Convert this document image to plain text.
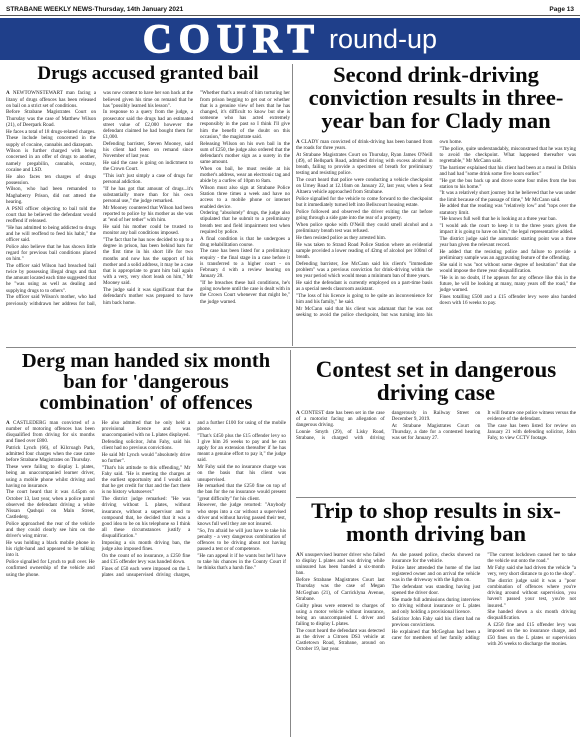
STRABANE WEEKLY NEWS-Thursday, 14th January 2021	Page 13
COURT round-up
Drugs accused granted bail

A NEWTOWNSTEWART man facing a litany of drugs offences has been released on bail on a strict set of conditions.

Before Strabane Magistrates Court on Thursday was the case of Matthew Wilson (21), of Deerpark Road.

He faces a total of 18 drugs-related charges.

These include being concerned in the supply of cocaine, cannabis and diazepam.

Wilson is further charged with being concerned in an offer of drugs to another, namely pregabilin, cannabis, ecstasy, cocaine and LSD.

He also faces ten charges of drugs possession.

Wilson, who had been remanded to Maghaberry Prison, did not attend the hearing.

A PSNI officer objecting to bail told the court that he believed the defendant would reoffend if released.

"He has admitted to being addicted to drugs and he will reoffend to feed his habit," the officer said.

Police also believe that he has shown little regard for previous bail conditions placed on him."

The officer said Wilson had breached bail twice by possessing illegal drugs and that the amount located each time suggested that he "was using as well as dealing and supplying drugs to to others".

The officer said Wilson's mother, who had previously withdrawn her address for bail, was now content to have her son back at the believed given his time on remand that he has "possibly learned his lesson".

In response to a query from the judge, a prosecutor said the drugs had an estimated street value of £2,000 however the defendant claimed he had bought them for £1,000.

Defending barrister, Steven Mooney, said his client had been on remand since November of last year.

He said the case is going on indictment to the Crown Court.

"This isn't just simply a case of drugs for personal addiction.

"If he has got that amount of drugs...it's substantially more than for his own personal use," the judge remarked.

Mr Mooney countered that Wilson had been reported to police by his mother as she was at "end of her tether" with him.

He said his mother could be trusted to monitor any bail conditions imposed.

"The fact that he has now decided to up to a degree in prison, has been behind bars for the first time in his short life for two months and now has the support of his mother and a solid address, it may be a case that is appropriate to grant him bail again with a very, very short leash on him," Mr Mooney said.

The judge said it was significant that the defendant's mother was prepared to have him back home.

"Whether that's a result of him torturing her from prison begging to get out or whether that is a genuine view of hers that he has changed, it's difficult to know but she is someone who has acted extremely responsibly in the past so I think I'll give him the benefit of the doubt on this occasion," the magistrate said.

Releasing Wilson on his own bail in the sum of £250, the judge also ordered that the defendant's mother sign as a surety in the same amount.

When on bail, he must reside at his mother's address, wear an electronic tag and abide by a curfew of 10pm to 8am.

Wilson must also sign at Strabane Police Station three times a week and have no access to a mobile phone or internet enabled device.

Ordering "absolutely" drugs, the judge also stipulated that he submit to a preliminary breath test and field impairment test when required by police.

A final condition is that he undergoes a drug rehabilitation course.

The case has been listed for a preliminary enquiry - the final stage in a case before it is transferred to a higher court - on February 4 with a review hearing on January 28.

"If he breaches these bail conditions, he's going nowhere until the case is dealt with in the Crown Court whenever that might be," the judge warned.

Second drink-driving conviction results in three-year ban for Clady man

A CLADY man convicted of drink-driving has been banned from the roads for three years.

At Strabane Magistrates Court on Thursday, Ryan James O'Neill (49), of Bellspark Road, admitted driving with excess alcohol in breath, failing to provide a specimen of breath for preliminary testing and resisting police.

The court heard that police were conducting a vehicle checkpoint on Urney Road at 12.10am on January 22, last year, when a Seat Altaera vehicle approached from Strabane.

Police signalled for the vehicle to come forward to the checkpoint but it immediately turned left into Bellscourt housing estate.

Police followed and observed the driver exiting the car before going through a side gate into the rear of a property.

When police spoke with O'Neill they could smell alcohol and a preliminary breath test was refused.

He then resisted police as they arrested him.

He was taken to Strand Road Police Station where an evidential sample provided a lower reading of 42mg of alcohol per 100ml of breath.

Defending barrister, Joe McCann said his client's "immediate problem" was a previous conviction for drink-driving within the ten year period which would mean a minimum ban of three years.

He said the defendant is currently employed on a part-time basis as a special needs classroom assistant.

"The loss of his licence is going to be quite an inconvenience for him and his family," he said.

Mr McCann said that his client was adamant that he was not seeking to avoid the police checkpoint, but was turning into his own home.

"The police, quite understandably, misconstrued that he was trying to avoid the checkpoint. What happened thereafter was regrettable," Mr McCann said.

The barrister explained that his client had been at a meal in Drihin and had had "some drink some five hours earlier."

"He got the bus back up and drove some four miles from the bus station to his home."

"It was a relatively short journey but he believed that he was under the limit because of the passage of time," Mr McCann said.

He added that the reading was "relatively low" and "tops over the statutory limit.

"He knows full well that he is looking at a three year ban.

"I would ask the court to keep it to the three years given the impact it is going to have on him," the legal representative added.

The district judge said the automatic starting point was a three year ban given the relevant record.

He added that the resisting police and failure to provide a preliminary sample was an aggravating feature of the offending.

She said it was "not without some degree of hesitation" that she would impose the three year disqualification.

"He is in no doubt, if he appears for any offence like this in the future, he will be looking at many, many years off the road," the judge warned.

Fines totalling £500 and a £15 offender levy were also handed down with 16 weeks to pay.

Derg man handed six month ban for 'dangerous combination' of offences

A CASTLEDERG man convicted of a number of motoring offences has been disqualified from driving for six months and fined over £800.

Patrick Lynch (66), of Kilcroagh Park, admitted four charges when the case came before Strabane Magistrates on Thursday.

These were failing to display L plates, being an unaccompanied learner driver, using a mobile phone whilst driving and having no insurance.

The court heard that it was 4.45pm on October 13, last year, when a police patrol observed the defendant driving a white Nissan Qashqai on Main Street, Castlederg.

Police approached the rear of the vehicle and they could clearly see him on the driver's wing mirror.

He was holding a black mobile phone in his right-hand and appeared to be talking into it.

Police signalled for Lynch to pull over. He confirmed ownership of the vehicle and using the phone.

He also admitted that he only held a provisional licence and was unaccompanied with no L plates displayed.

Defending solicitor, John Fahy, said his client had no previous convictions.

He said Mr Lynch would "absolutely drive no further".

"That's his attitude to this offending," Mr Fahy said. "He is meeting the charges at the earliest opportunity and I would ask that he get credit for that and the fact there is no history whatsoever."

The district judge remarked: "He was driving without L plates, without insurance, without a supervisor and to compound that, he decided that it was a good idea to be on his telephone so I think all these circumstances justify a disqualification."

Imposing a six month driving ban, the judge also imposed fines.

On the count of no insurance, a £250 fine and £15 offender levy was handed down.

Fines of £50 each were imposed on the L plates and unsupervised driving charges, and a further £100 for using of the mobile phone.

"That's £450 plus the £15 offender levy so I give him 26 weeks to pay and he can apply for an extension thereafter if he has meant a genuine effort to pay it," the judge said.

Mr Fahy said the no insurance charge was on the basis that his client was unsupervised.

He remarked that the £250 fine on top of the ban for the no insurance would present "great difficulty" for his client.

However, the judge retorted: "Anybody who steps into a car without a supervised driver and without having passed their test, knows full well they are not insured.

"So, I'm afraid he will just have to take his penalty - a very dangerous combination of offences to be driving about not having passed a test or of competence.

"He can appeal it if he wants but he'll have to take his chances in the County Court if he thinks that's a harsh fine."

Contest set in dangerous driving case

A CONTEST date has been set in the case of a motorist facing an allegation of dangerous driving.

Lonnie Smyth (29), of Lisky Road, Strabane, is charged with driving dangerously in Railway Street on December 9, 2019.

At Strabane Magistrates Court on Thursday, a date for a contested hearing was set for January 27.

It will feature one police witness versus the evidence of the defendant.

The case has been listed for review on January 21 with defending solicitor, John Fahy, to view CCTV footage.

Trip to shop results in six-month driving ban

AN unsupervised learner driver who failed to display L plates and was driving while uninsured has been handed a six-month ban.

Before Strabane Magistrates Court last Thursday was the case of Megan McGeghan (21), of Carricklyna Avenue, Strabane.

Guilty pleas were entered to charges of using a motor vehicle without insurance, being an unaccompanied L driver and failing to display L plates.

The court heard the defendant was detected as the driver a Citroen DS3 vehicle at Castletown Road, Strabane, around on October 19, last year.

As she passed police, checks showed no insurance for the vehicle.

Police later attended the home of the last registered owner and on arrival the vehicle was in the driveway with the lights on.

The defendant was standing having just opened the driver door.

She made full admissions during interview to driving without insurance or L plates and only holding a provisional licence.

Solicitor John Fahy said his client had no previous convictions.

He explained that McGeghan had been a carer for members of her family adding: "The current lockdown caused her to take the vehicle out onto the road."

Mr Fahy said she had driven the vehicle "a very, very short distance to go to the shop".

The district judge said it was a "poor combination of offences where you're driving around without supervision, you haven't passed your test, you're not insured."

She handed down a six month driving disqualification.

A £250 fine and £15 offender levy was imposed on the no insurance charge, and £50 fines on the L plates or supervision with 26 weeks to discharge the monies.
